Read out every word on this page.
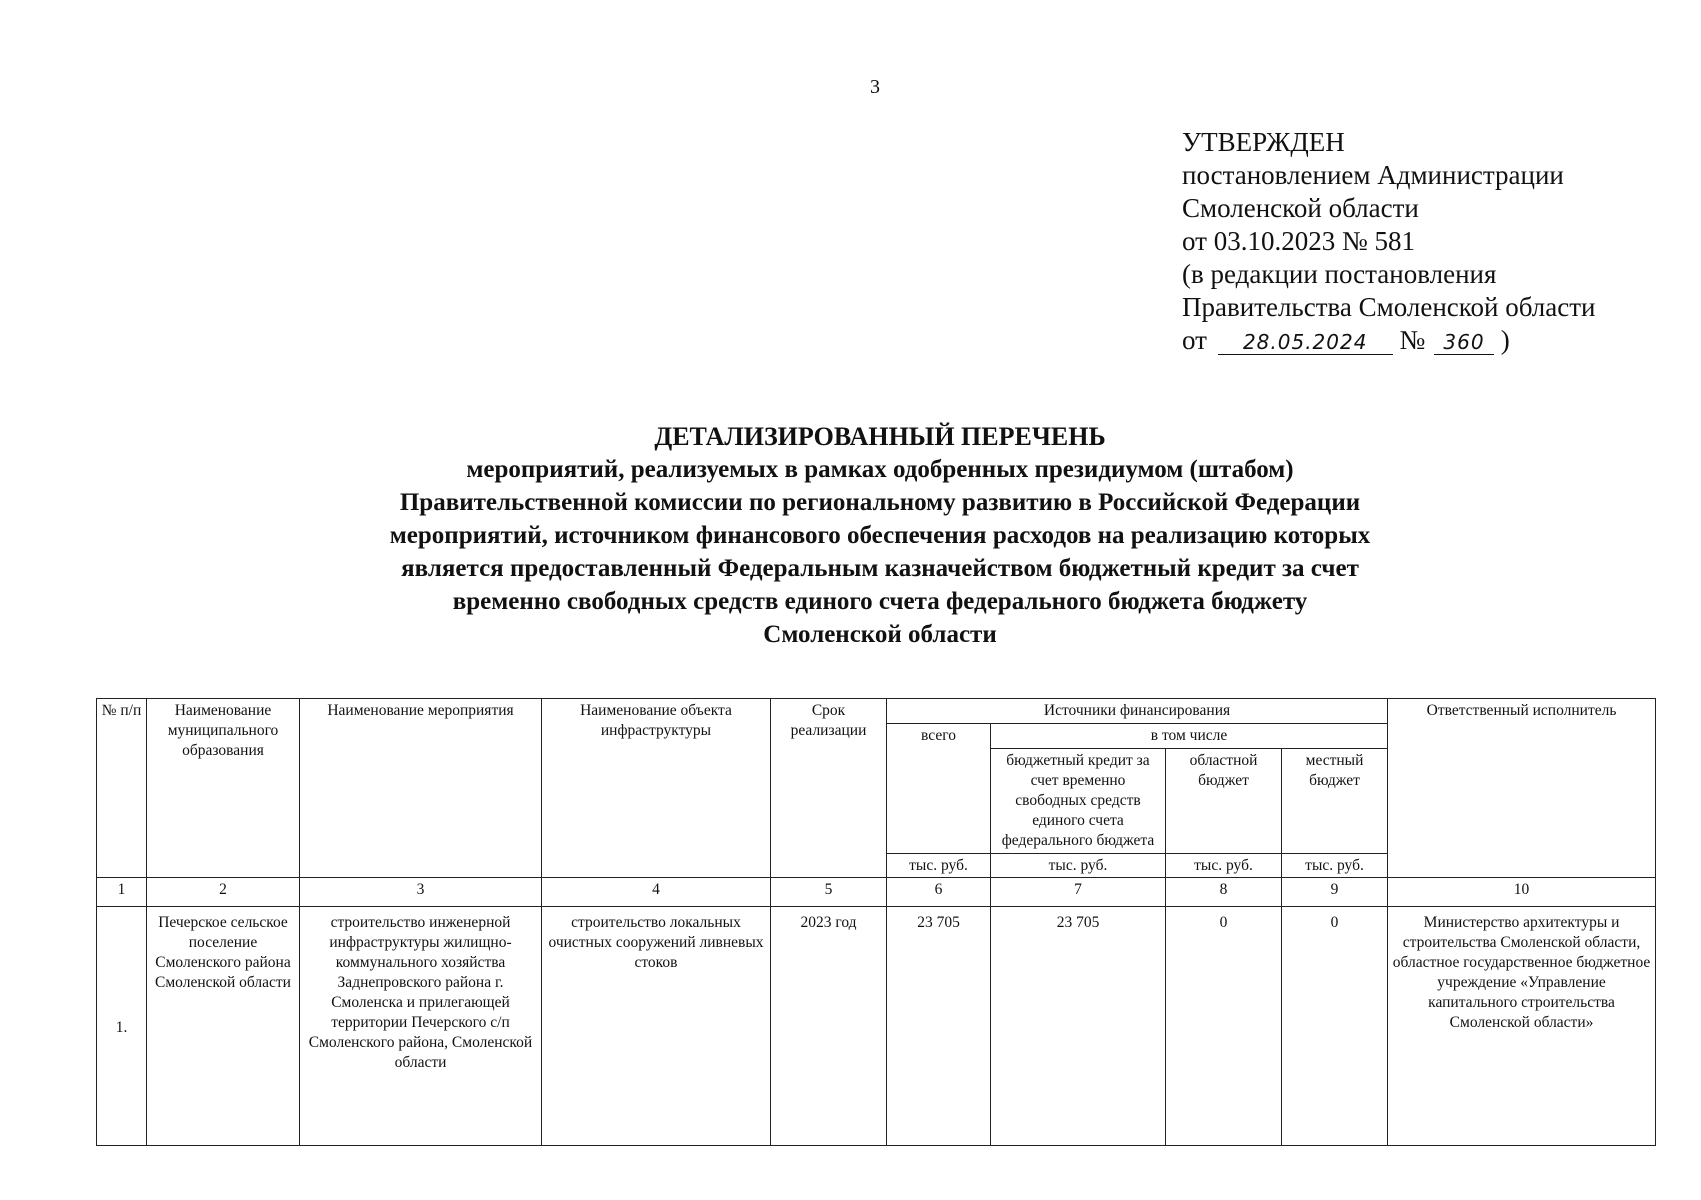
3
УТВЕРЖДЕН
постановлением Администрации
Смоленской области
от 03.10.2023 № 581
(в редакции постановления
Правительства Смоленской области
от 28.05.2024 № 360 )
ДЕТАЛИЗИРОВАННЫЙ ПЕРЕЧЕНЬ
мероприятий, реализуемых в рамках одобренных президиумом (штабом)
Правительственной комиссии по региональному развитию в Российской Федерации
мероприятий, источником финансового обеспечения расходов на реализацию которых
является предоставленный Федеральным казначейством бюджетный кредит за счет
временно свободных средств единого счета федерального бюджета бюджету
Смоленской области
№ п/п	Наименование муниципального образования	Наименование мероприятия	Наименование объекта инфраструктуры	Срок реализации	Источники финансирования				Ответственный исполнитель
					всего	в том числе			
						бюджетный кредит за счет временно свободных средств единого счета федерального бюджета	областной бюджет	местный бюджет	
					тыс. руб.	тыс. руб.	тыс. руб.	тыс. руб.	
1	2	3	4	5	6	7	8	9	10
1.	Печерское сельское поселение Смоленского района Смоленской области	строительство инженерной инфраструктуры жилищно-коммунального хозяйства Заднепровского района г. Смоленска и прилегающей территории Печерского с/п Смоленского района, Смоленской области	строительство локальных очистных сооружений ливневых стоков	2023 год	23 705	23 705	0	0	Министерство архитектуры и строительства Смоленской области, областное государственное бюджетное учреждение «Управление капитального строительства Смоленской области»
